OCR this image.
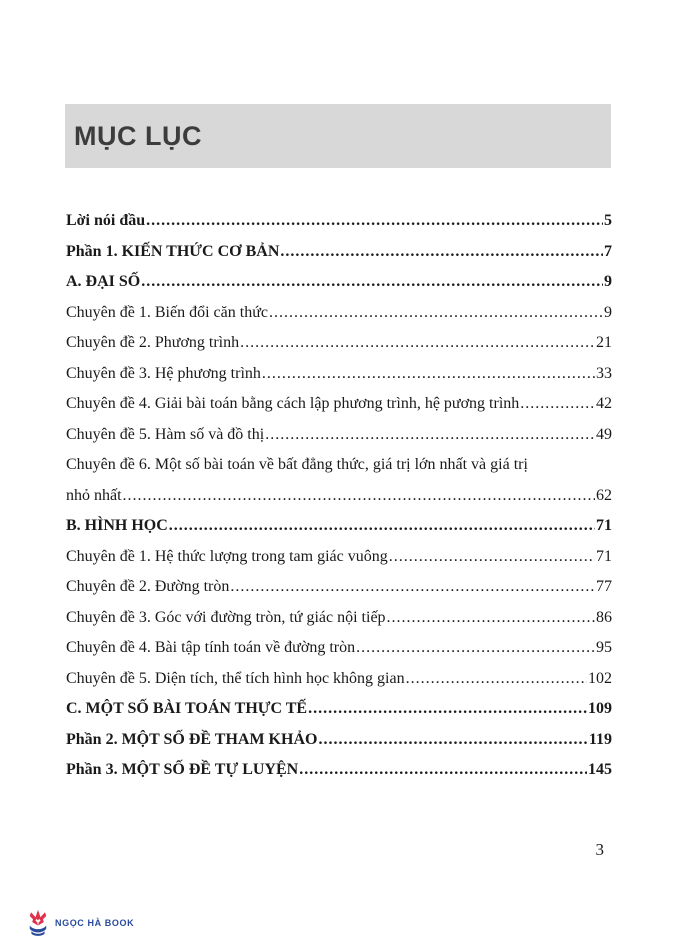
MỤC LỤC
Lời nói đầu .....	5
Phần 1. KIẾN THỨC CƠ BẢN .....	7
A. ĐẠI SỐ .....	9
Chuyên đề 1. Biến đổi căn thức .....	9
Chuyên đề 2. Phương trình .....	21
Chuyên đề 3. Hệ phương trình .....	33
Chuyên đề 4. Giải bài toán bằng cách lập phương trình, hệ pương trình .....	42
Chuyên đề 5. Hàm số và đồ thị .....	49
Chuyên đề 6. Một số bài toán về bất đẳng thức, giá trị lớn nhất và giá trị
nhỏ nhất .....	62
B. HÌNH HỌC .....	71
Chuyên đề 1. Hệ thức lượng trong tam giác vuông .....	71
Chuyên đề 2. Đường tròn .....	77
Chuyên đề 3. Góc với đường tròn, tứ giác nội tiếp .....	86
Chuyên đề 4. Bài tập tính toán về đường tròn .....	95
Chuyên đề 5. Diện tích, thể tích hình học không gian .....	102
C. MỘT SỐ BÀI TOÁN THỰC TẾ .....	109
Phần 2. MỘT SỐ ĐỀ THAM KHẢO .....	119
Phần 3. MỘT SỐ ĐỀ TỰ LUYỆN .....	145
3
NGỌC HÀ BOOK
